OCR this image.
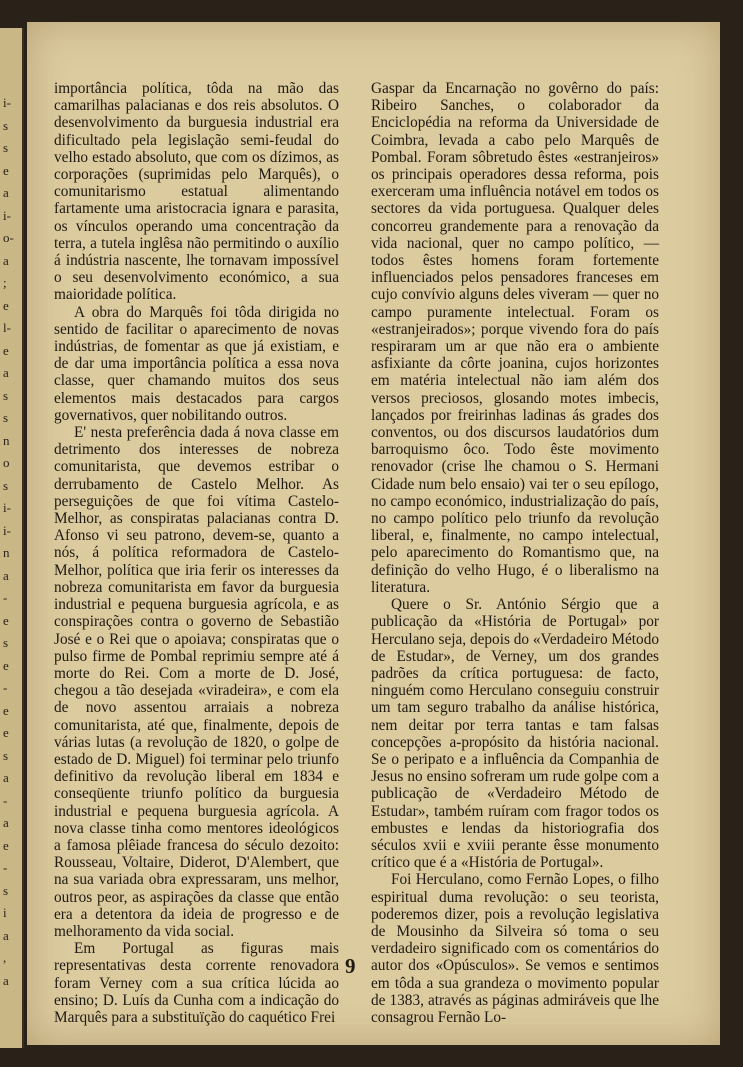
i-
s
s
e
a
i-
o-
a
;
e
l-
e
a
s
s
n
o
s
i-
i-
n
a
-
e
s
e
-
e
e
s
a
-
a
e
-
s
i
a
,
a

importância política, tôda na mão das camarilhas palacianas e dos reis absolutos. O desenvolvimento da burguesia industrial era dificultado pela legislação semi-feudal do velho estado absoluto, que com os dízimos, as corporações (suprimidas pelo Marquês), o comunitarismo estatual alimentando fartamente uma aristocracia ignara e parasita, os vínculos operando uma concentração da terra, a tutela inglêsa não permitindo o auxílio á indústria nascente, lhe tornavam impossível o seu desenvolvimento económico, a sua maioridade política.

A obra do Marquês foi tôda dirigida no sentido de facilitar o aparecimento de novas indústrias, de fomentar as que já existiam, e de dar uma importância política a essa nova classe, quer chamando muitos dos seus elementos mais destacados para cargos governativos, quer nobilitando outros.

E' nesta preferência dada á nova classe em detrimento dos interesses de nobreza comunitarista, que devemos estribar o derrubamento de Castelo Melhor. As perseguições de que foi vítima Castelo-Melhor, as conspiratas palacianas contra D. Afonso vi seu patrono, devem-se, quanto a nós, á política reformadora de Castelo-Melhor, política que iria ferir os interesses da nobreza comunitarista em favor da burguesia industrial e pequena burguesia agrícola, e as conspirações contra o governo de Sebastião José e o Rei que o apoiava; conspiratas que o pulso firme de Pombal reprimiu sempre até á morte do Rei. Com a morte de D. José, chegou a tão desejada «viradeira», e com ela de novo assentou arraiais a nobreza comunitarista, até que, finalmente, depois de várias lutas (a revolução de 1820, o golpe de estado de D. Miguel) foi terminar pelo triunfo definitivo da revolução liberal em 1834 e conseqüente triunfo político da burguesia industrial e pequena burguesia agrícola. A nova classe tinha como mentores ideológicos a famosa plêiade francesa do século dezoito: Rousseau, Voltaire, Diderot, D'Alembert, que na sua variada obra expressaram, uns melhor, outros peor, as aspirações da classe que então era a detentora da ideia de progresso e de melhoramento da vida social.

Em Portugal as figuras mais representativas desta corrente renovadora foram Verney com a sua crítica lúcida ao ensino; D. Luís da Cunha com a indicação do Marquês para a substituïção do caquético Frei

Gaspar da Encarnação no govêrno do país: Ribeiro Sanches, o colaborador da Enciclopédia na reforma da Universidade de Coimbra, levada a cabo pelo Marquês de Pombal. Foram sôbretudo êstes «estranjeiros» os principais operadores dessa reforma, pois exerceram uma influência notável em todos os sectores da vida portuguesa. Qualquer deles concorreu grandemente para a renovação da vida nacional, quer no campo político, — todos êstes homens foram fortemente influenciados pelos pensadores franceses em cujo convívio alguns deles viveram — quer no campo puramente intelectual. Foram os «estranjeirados»; porque vivendo fora do país respiraram um ar que não era o ambiente asfixiante da côrte joanina, cujos horizontes em matéria intelectual não iam além dos versos preciosos, glosando motes imbecis, lançados por freirinhas ladinas ás grades dos conventos, ou dos discursos laudatórios dum barroquismo ôco. Todo êste movimento renovador (crise lhe chamou o S. Hermani Cidade num belo ensaio) vai ter o seu epílogo, no campo económico, industrialização do país, no campo político pelo triunfo da revolução liberal, e, finalmente, no campo intelectual, pelo aparecimento do Romantismo que, na definição do velho Hugo, é o liberalismo na literatura.

Quere o Sr. António Sérgio que a publicação da «História de Portugal» por Herculano seja, depois do «Verdadeiro Método de Estudar», de Verney, um dos grandes padrões da crítica portuguesa: de facto, ninguém como Herculano conseguiu construir um tam seguro trabalho da análise histórica, nem deitar por terra tantas e tam falsas concepções a-propósito da história nacional. Se o peripato e a influência da Companhia de Jesus no ensino sofreram um rude golpe com a publicação de «Verdadeiro Método de Estudar», também ruíram com fragor todos os embustes e lendas da historiografia dos séculos xvii e xviii perante êsse monumento crítico que é a «História de Portugal».

Foi Herculano, como Fernão Lopes, o filho espiritual duma revolução: o seu teorista, poderemos dizer, pois a revolução legislativa de Mousinho da Silveira só toma o seu verdadeiro significado com os comentários do autor dos «Opúsculos». Se vemos e sentimos em tôda a sua grandeza o movimento popular de 1383, através as páginas admiráveis que lhe consagrou Fernão Lo-

9
